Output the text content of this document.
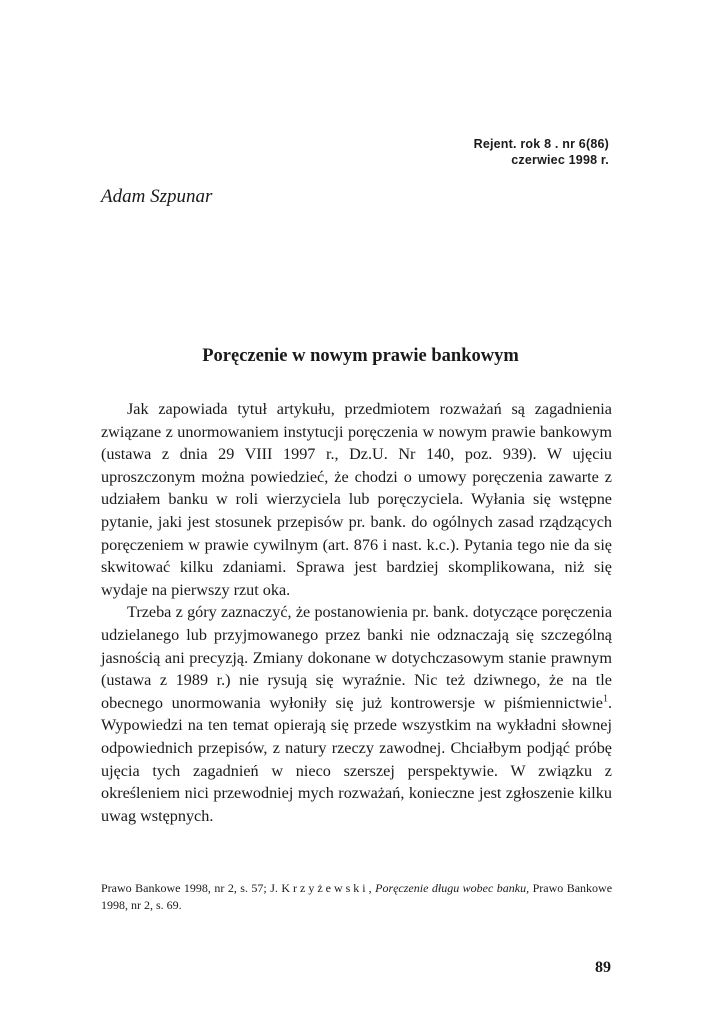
Rejent. rok 8 . nr 6(86)
czerwiec 1998 r.
Adam Szpunar
Poręczenie w nowym prawie bankowym

Jak zapowiada tytuł artykułu, przedmiotem rozważań są zagadnienia związane z unormowaniem instytucji poręczenia w nowym prawie bankowym (ustawa z dnia 29 VIII 1997 r., Dz.U. Nr 140, poz. 939). W ujęciu uproszczonym można powiedzieć, że chodzi o umowy poręczenia zawarte z udziałem banku w roli wierzyciela lub poręczyciela. Wyłania się wstępne pytanie, jaki jest stosunek przepisów pr. bank. do ogólnych zasad rządzących poręczeniem w prawie cywilnym (art. 876 i nast. k.c.). Pytania tego nie da się skwitować kilku zdaniami. Sprawa jest bardziej skomplikowana, niż się wydaje na pierwszy rzut oka.

Trzeba z góry zaznaczyć, że postanowienia pr. bank. dotyczące poręczenia udzielanego lub przyjmowanego przez banki nie odznaczają się szczególną jasnością ani precyzją. Zmiany dokonane w dotychczasowym stanie prawnym (ustawa z 1989 r.) nie rysują się wyraźnie. Nic też dziwnego, że na tle obecnego unormowania wyłoniły się już kontrowersje w piśmiennictwie$^1$. Wypowiedzi na ten temat opierają się przede wszystkim na wykładni słownej odpowiednich przepisów, z natury rzeczy zawodnej. Chciałbym podjąć próbę ujęcia tych zagadnień w nieco szerszej perspektywie. W związku z określeniem nici przewodniej mych rozważań, konieczne jest zgłoszenie kilku uwag wstępnych.

Prawo Bankowe 1998, nr 2, s. 57; J. Krzyżewski, Poręczenie długu wobec banku, Prawo Bankowe 1998, nr 2, s. 69.
89
